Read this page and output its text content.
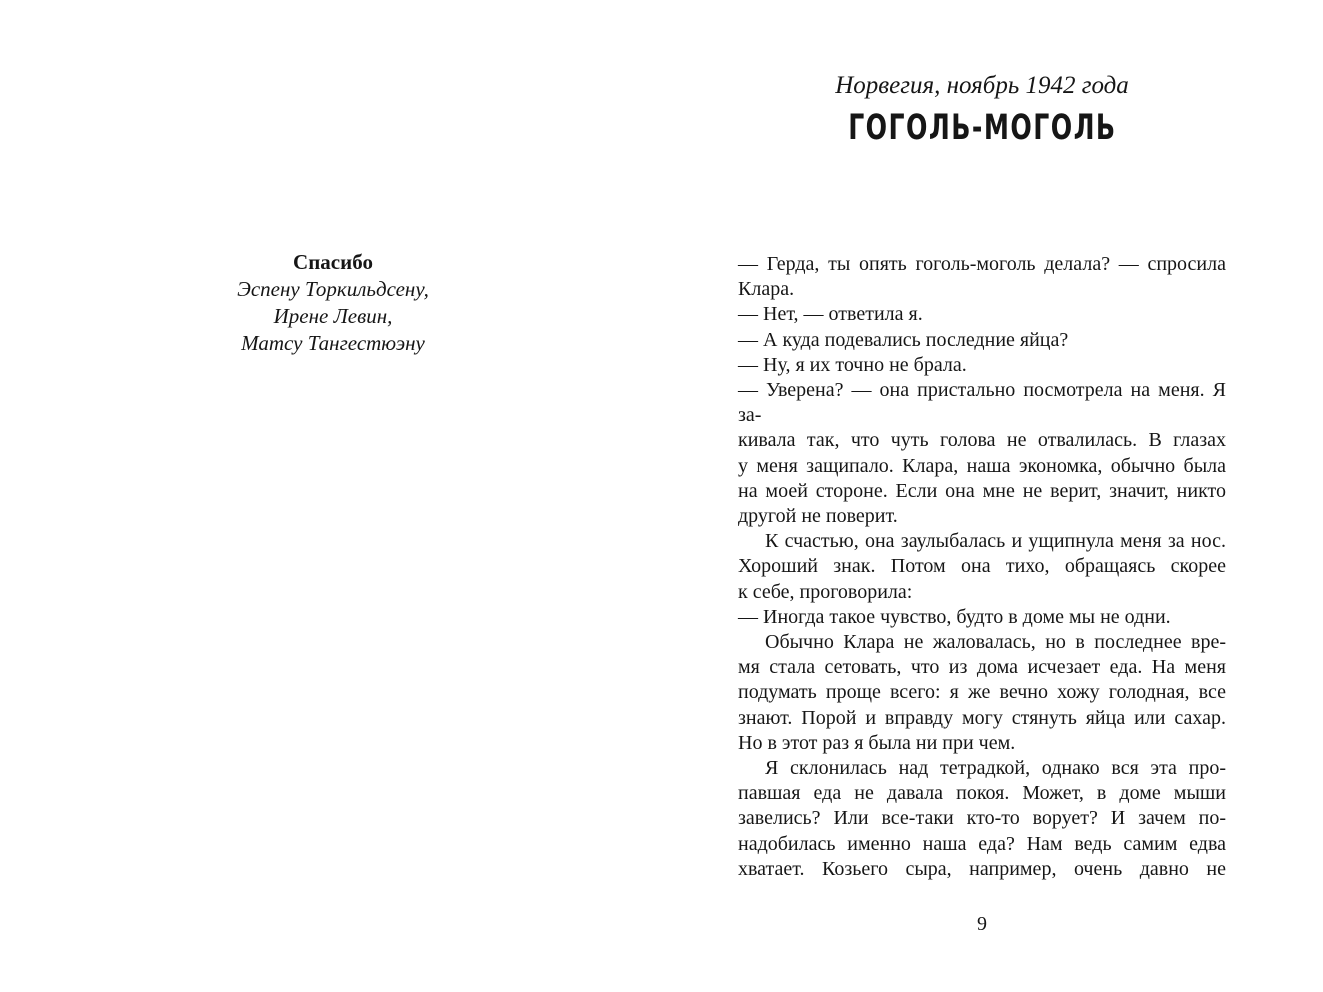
Спасибо
Эспену Торкильдсену,
Ирене Левин,
Матсу Тангестюэну
Норвегия, ноябрь 1942 года
ГОГОЛЬ-МОГОЛЬ
— Герда, ты опять гоголь-моголь делала? — спросила
Клара.
— Нет, — ответила я.
— А куда подевались последние яйца?
— Ну, я их точно не брала.
— Уверена? — она пристально посмотрела на меня. Я за-
кивала так, что чуть голова не отвалилась. В глазах
у меня защипало. Клара, наша экономка, обычно была
на моей стороне. Если она мне не верит, значит, никто
другой не поверит.
К счастью, она заулыбалась и ущипнула меня за нос.
Хороший знак. Потом она тихо, обращаясь скорее
к себе, проговорила:
— Иногда такое чувство, будто в доме мы не одни.
Обычно Клара не жаловалась, но в последнее вре-
мя стала сетовать, что из дома исчезает еда. На меня
подумать проще всего: я же вечно хожу голодная, все
знают. Порой и вправду могу стянуть яйца или сахар.
Но в этот раз я была ни при чем.
Я склонилась над тетрадкой, однако вся эта про-
павшая еда не давала покоя. Может, в доме мыши
завелись? Или все-таки кто-то ворует? И зачем по-
надобилась именно наша еда? Нам ведь самим едва
хватает. Козьего сыра, например, очень давно не
9
